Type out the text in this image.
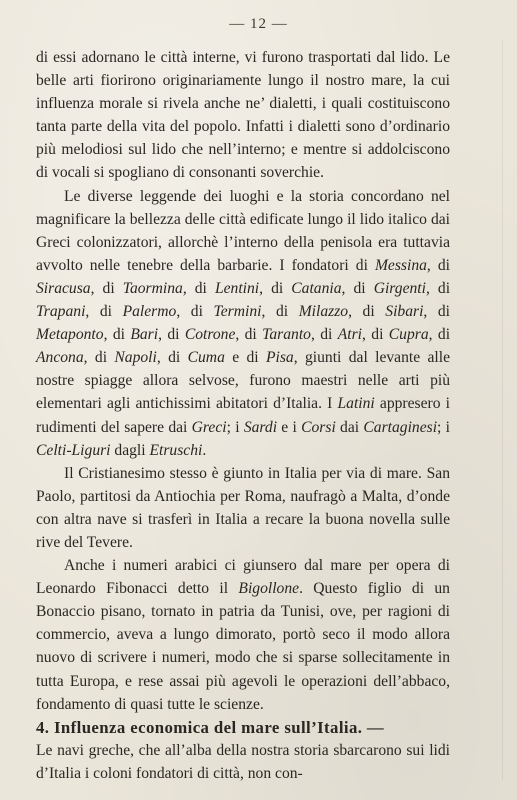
— 12 —

di essi adornano le città interne, vi furono trasportati dal lido. Le belle arti fiorirono originariamente lungo il nostro mare, la cui influenza morale si rivela anche ne’ dialetti, i quali costituiscono tanta parte della vita del popolo. Infatti i dialetti sono d’ordinario più melodiosi sul lido che nell’interno; e mentre si addolciscono di vocali si spogliano di consonanti soverchie.

Le diverse leggende dei luoghi e la storia concordano nel magnificare la bellezza delle città edificate lungo il lido italico dai Greci colonizzatori, allorchè l’interno della penisola era tuttavia avvolto nelle tenebre della barbarie. I fondatori di Messina, di Siracusa, di Taormina, di Lentini, di Catania, di Girgenti, di Trapani, di Palermo, di Termini, di Milazzo, di Sibari, di Metaponto, di Bari, di Cotrone, di Taranto, di Atri, di Cupra, di Ancona, di Napoli, di Cuma e di Pisa, giunti dal levante alle nostre spiagge allora selvose, furono maestri nelle arti più elementari agli antichissimi abitatori d’Italia. I Latini appresero i rudimenti del sapere dai Greci; i Sardi e i Corsi dai Cartaginesi; i Celti-Liguri dagli Etruschi.

Il Cristianesimo stesso è giunto in Italia per via di mare. San Paolo, partitosi da Antiochia per Roma, naufragò a Malta, d’onde con altra nave si trasferì in Italia a recare la buona novella sulle rive del Tevere.

Anche i numeri arabici ci giunsero dal mare per opera di Leonardo Fibonacci detto il Bigollone. Questo figlio di un Bonaccio pisano, tornato in patria da Tunisi, ove, per ragioni di commercio, aveva a lungo dimorato, portò seco il modo allora nuovo di scrivere i numeri, modo che si sparse sollecitamente in tutta Europa, e rese assai più agevoli le operazioni dell’abbaco, fondamento di quasi tutte le scienze.

4. Influenza economica del mare sull’Italia. —

Le navi greche, che all’alba della nostra storia sbarcarono sui lidi d’Italia i coloni fondatori di città, non con-
